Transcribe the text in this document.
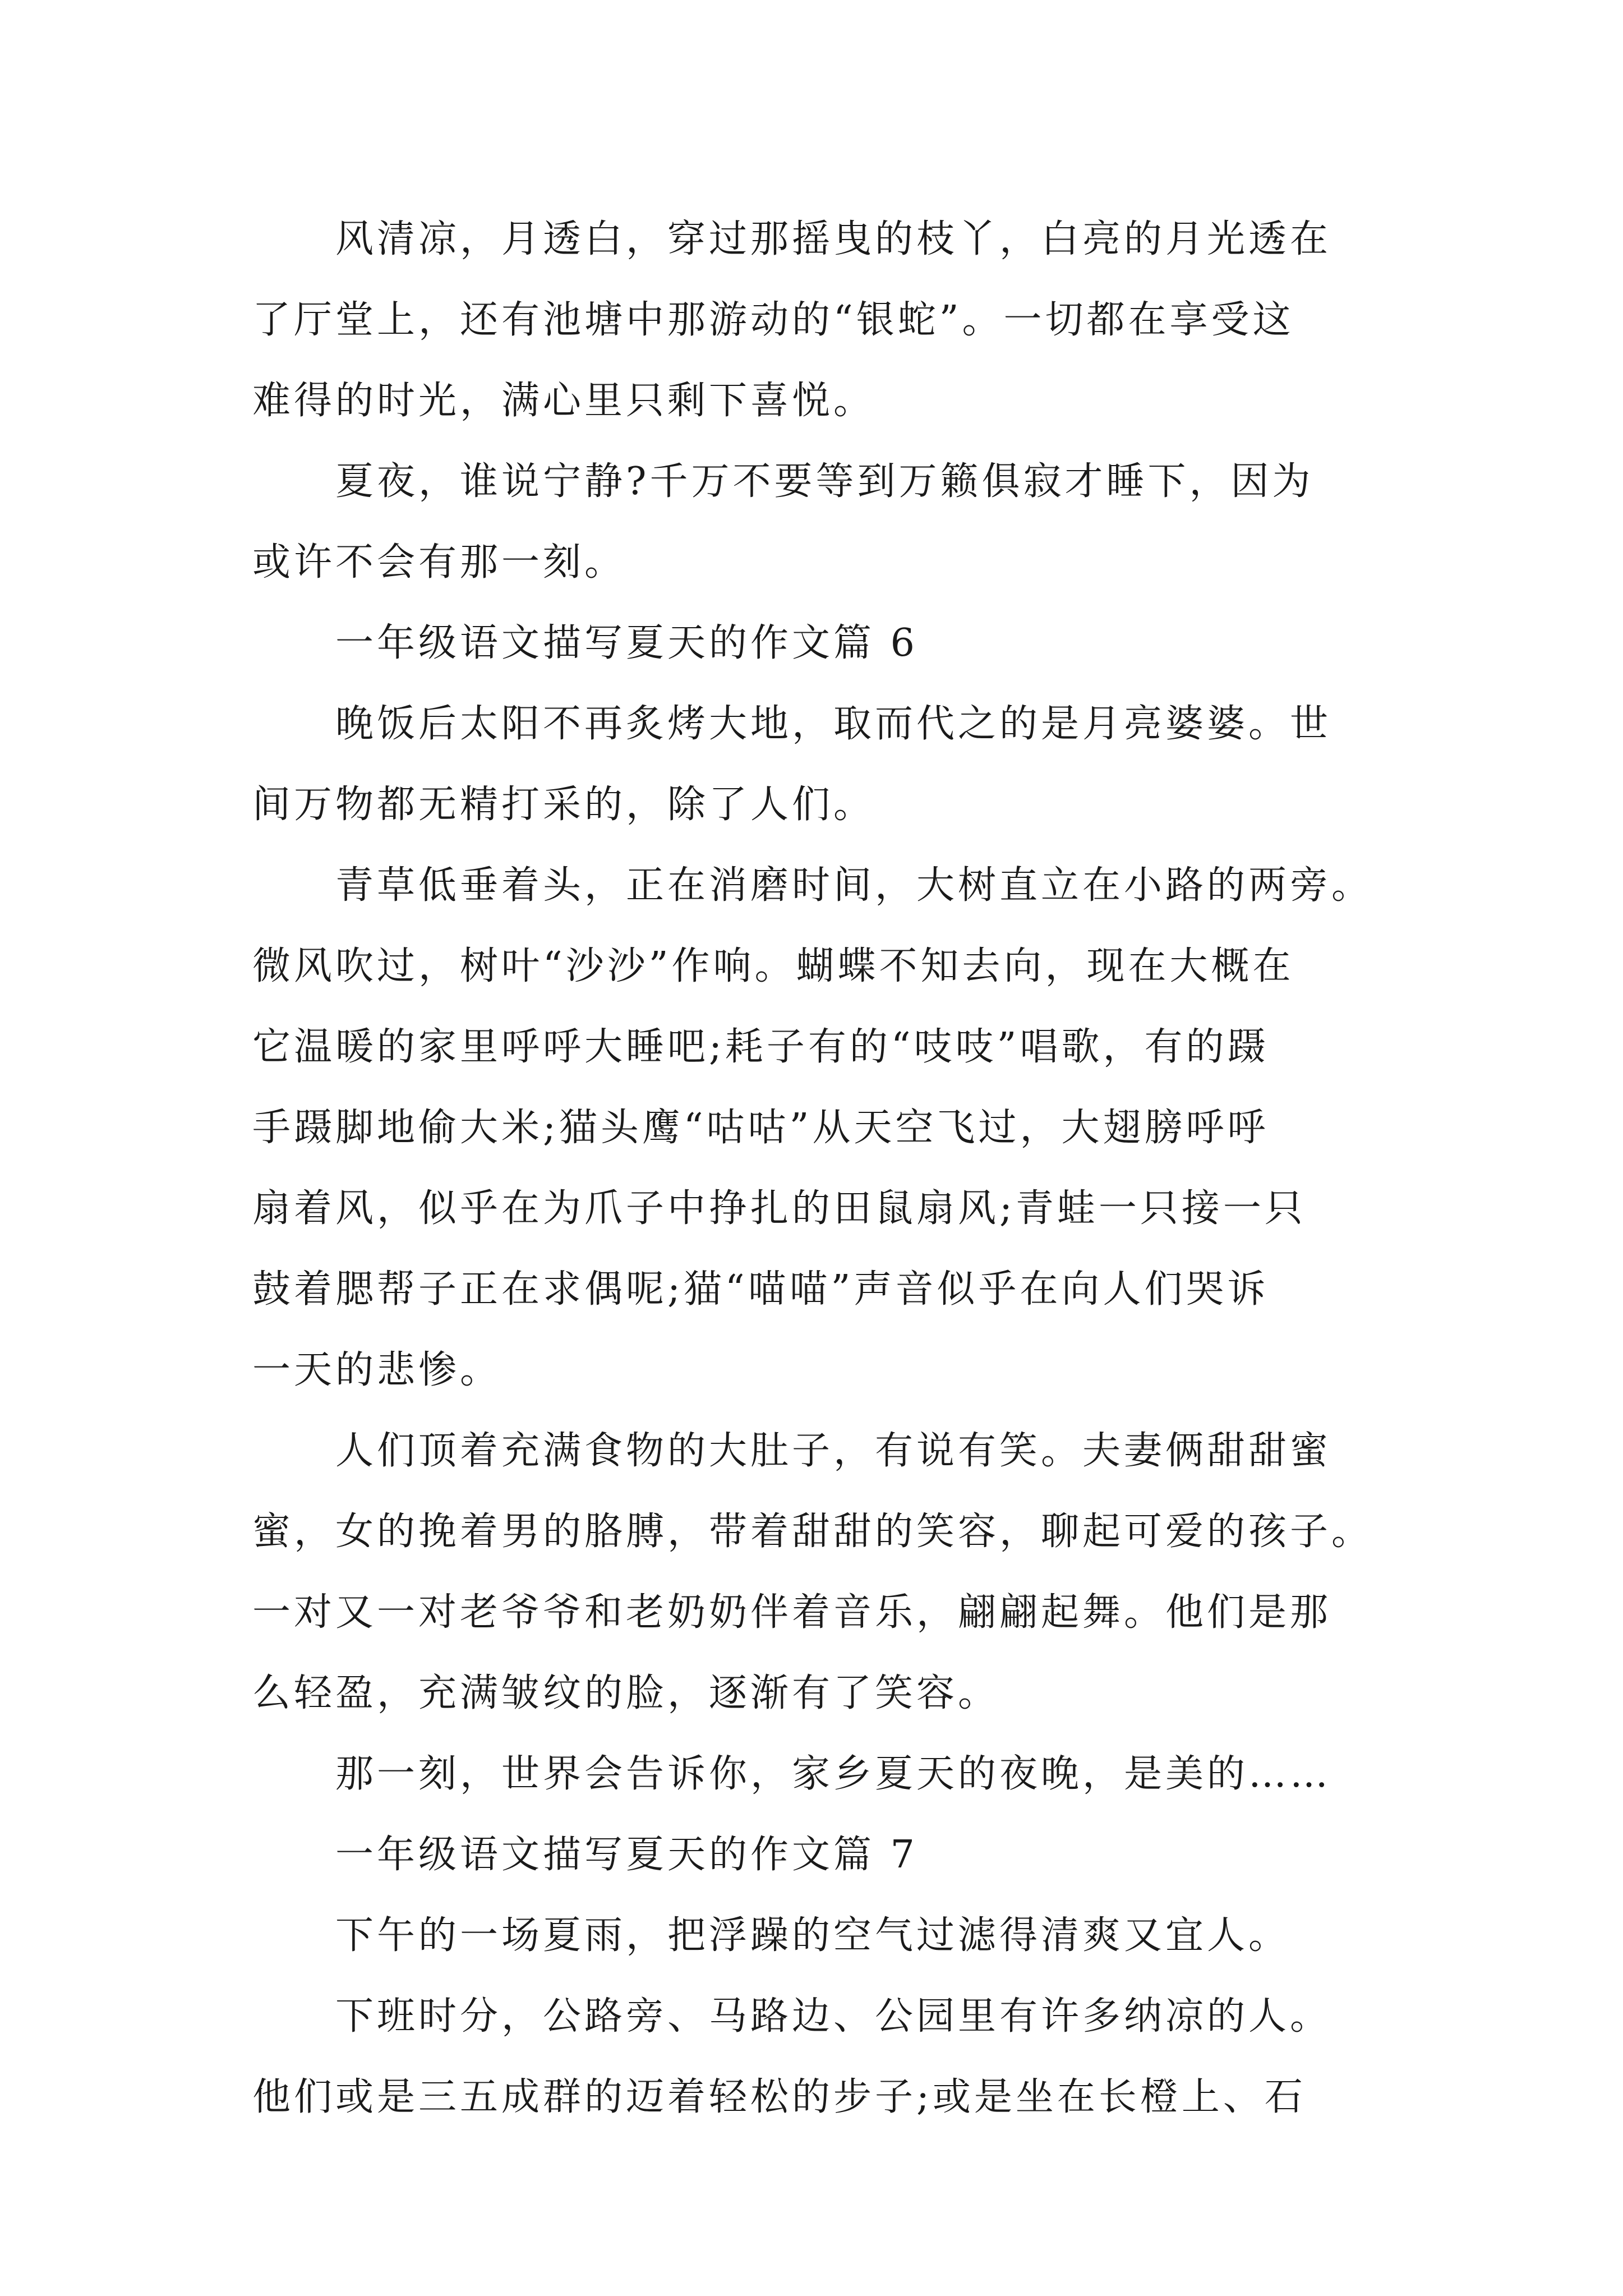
风清凉，月透白，穿过那摇曳的枝丫，白亮的月光透在
了厅堂上，还有池塘中那游动的“银蛇”。一切都在享受这
难得的时光，满心里只剩下喜悦。
夏夜，谁说宁静?千万不要等到万籁俱寂才睡下，因为
或许不会有那一刻。
一年级语文描写夏天的作文篇 6
晚饭后太阳不再炙烤大地，取而代之的是月亮婆婆。世
间万物都无精打采的，除了人们。
青草低垂着头，正在消磨时间，大树直立在小路的两旁。
微风吹过，树叶“沙沙”作响。蝴蝶不知去向，现在大概在
它温暖的家里呼呼大睡吧;耗子有的“吱吱”唱歌，有的蹑
手蹑脚地偷大米;猫头鹰“咕咕”从天空飞过，大翅膀呼呼
扇着风，似乎在为爪子中挣扎的田鼠扇风;青蛙一只接一只
鼓着腮帮子正在求偶呢;猫“喵喵”声音似乎在向人们哭诉
一天的悲惨。
人们顶着充满食物的大肚子，有说有笑。夫妻俩甜甜蜜
蜜，女的挽着男的胳膊，带着甜甜的笑容，聊起可爱的孩子。
一对又一对老爷爷和老奶奶伴着音乐，翩翩起舞。他们是那
么轻盈，充满皱纹的脸，逐渐有了笑容。
那一刻，世界会告诉你，家乡夏天的夜晚，是美的……
一年级语文描写夏天的作文篇 7
下午的一场夏雨，把浮躁的空气过滤得清爽又宜人。
下班时分，公路旁、马路边、公园里有许多纳凉的人。
他们或是三五成群的迈着轻松的步子;或是坐在长橙上、石
